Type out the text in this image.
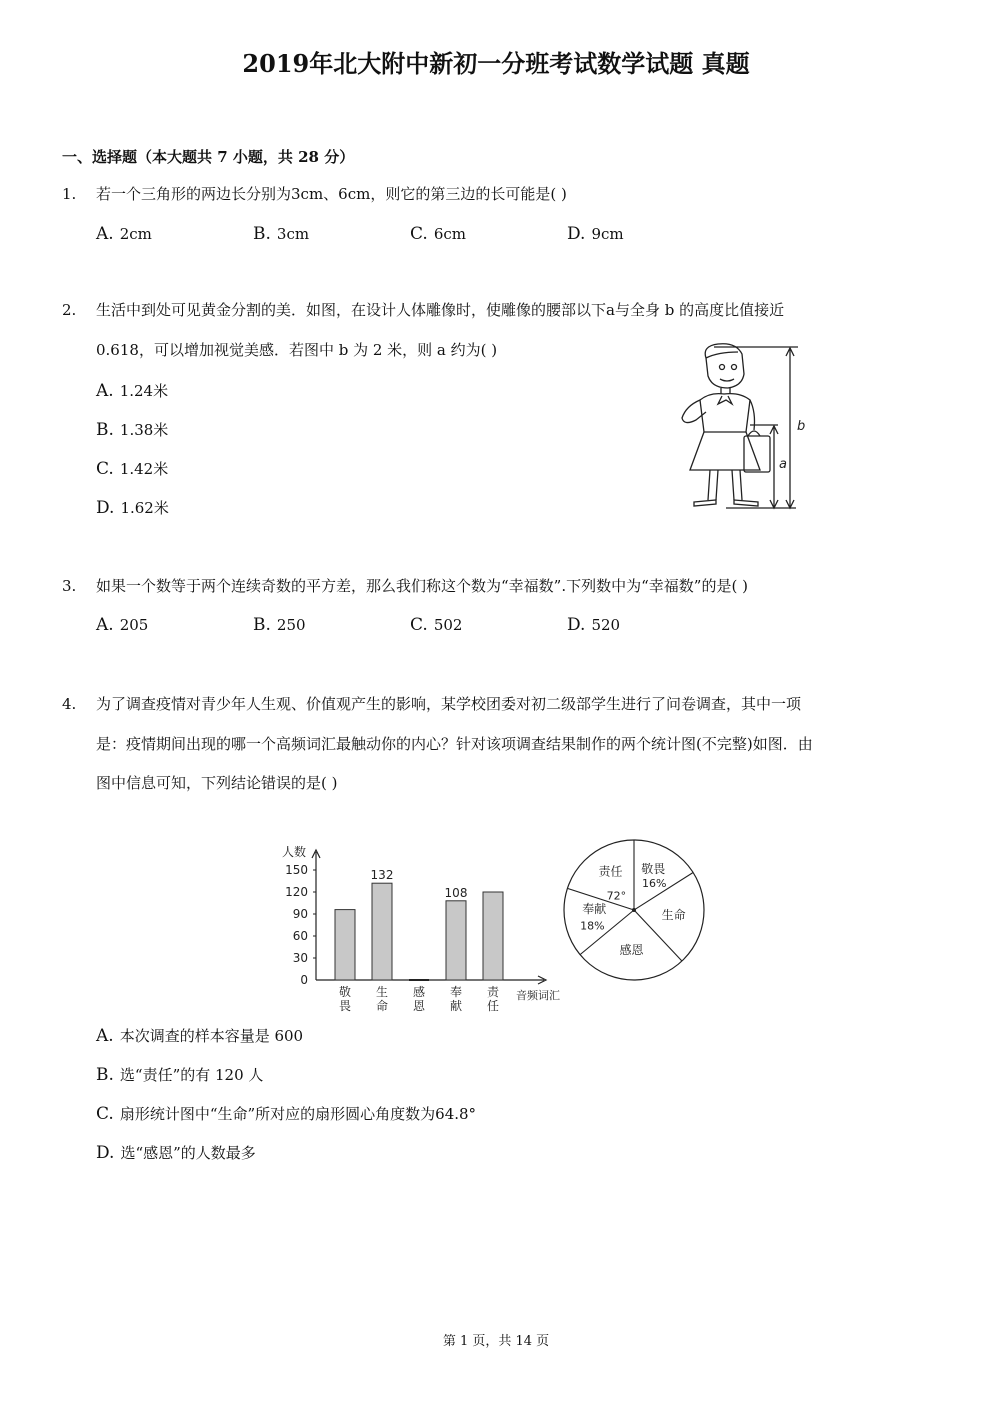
2019年北大附中新初一分班考试数学试题 真题
一、选择题（本大题共 7 小题，共 28 分）
1. 若一个三角形的两边长分别为3cm、6cm，则它的第三边的长可能是( )
A. 2cm	B. 3cm	C. 6cm	D. 9cm
2. 生活中到处可见黄金分割的美．如图，在设计人体雕像时，使雕像的腰部以下a与全身 b 的高度比值接近
0.618，可以增加视觉美感．若图中 b 为 2 米，则 a 约为( )
A. 1.24米
B. 1.38米
C. 1.42米
D. 1.62米
b
a
3. 如果一个数等于两个连续奇数的平方差，那么我们称这个数为“幸福数”.下列数中为“幸福数”的是( )
A. 205	B. 250	C. 502	D. 520
4. 为了调查疫情对青少年人生观、价值观产生的影响，某学校团委对初二级部学生进行了问卷调查，其中一项
是：疫情期间出现的哪一个高频词汇最触动你的内心？针对该项调查结果制作的两个统计图(不完整)如图．由
图中信息可知，下列结论错误的是( )
人数
音频词汇
0
30
60
90
120
150
敬
畏
132
生
命
感
恩
108
奉
献
责
任
责任
72°
敬畏
16%
生命
感恩
奉献
18%
A. 本次调查的样本容量是 600
B. 选“责任”的有 120 人
C. 扇形统计图中“生命”所对应的扇形圆心角度数为64.8°
D. 选“感恩”的人数最多
第 1 页，共 14 页
